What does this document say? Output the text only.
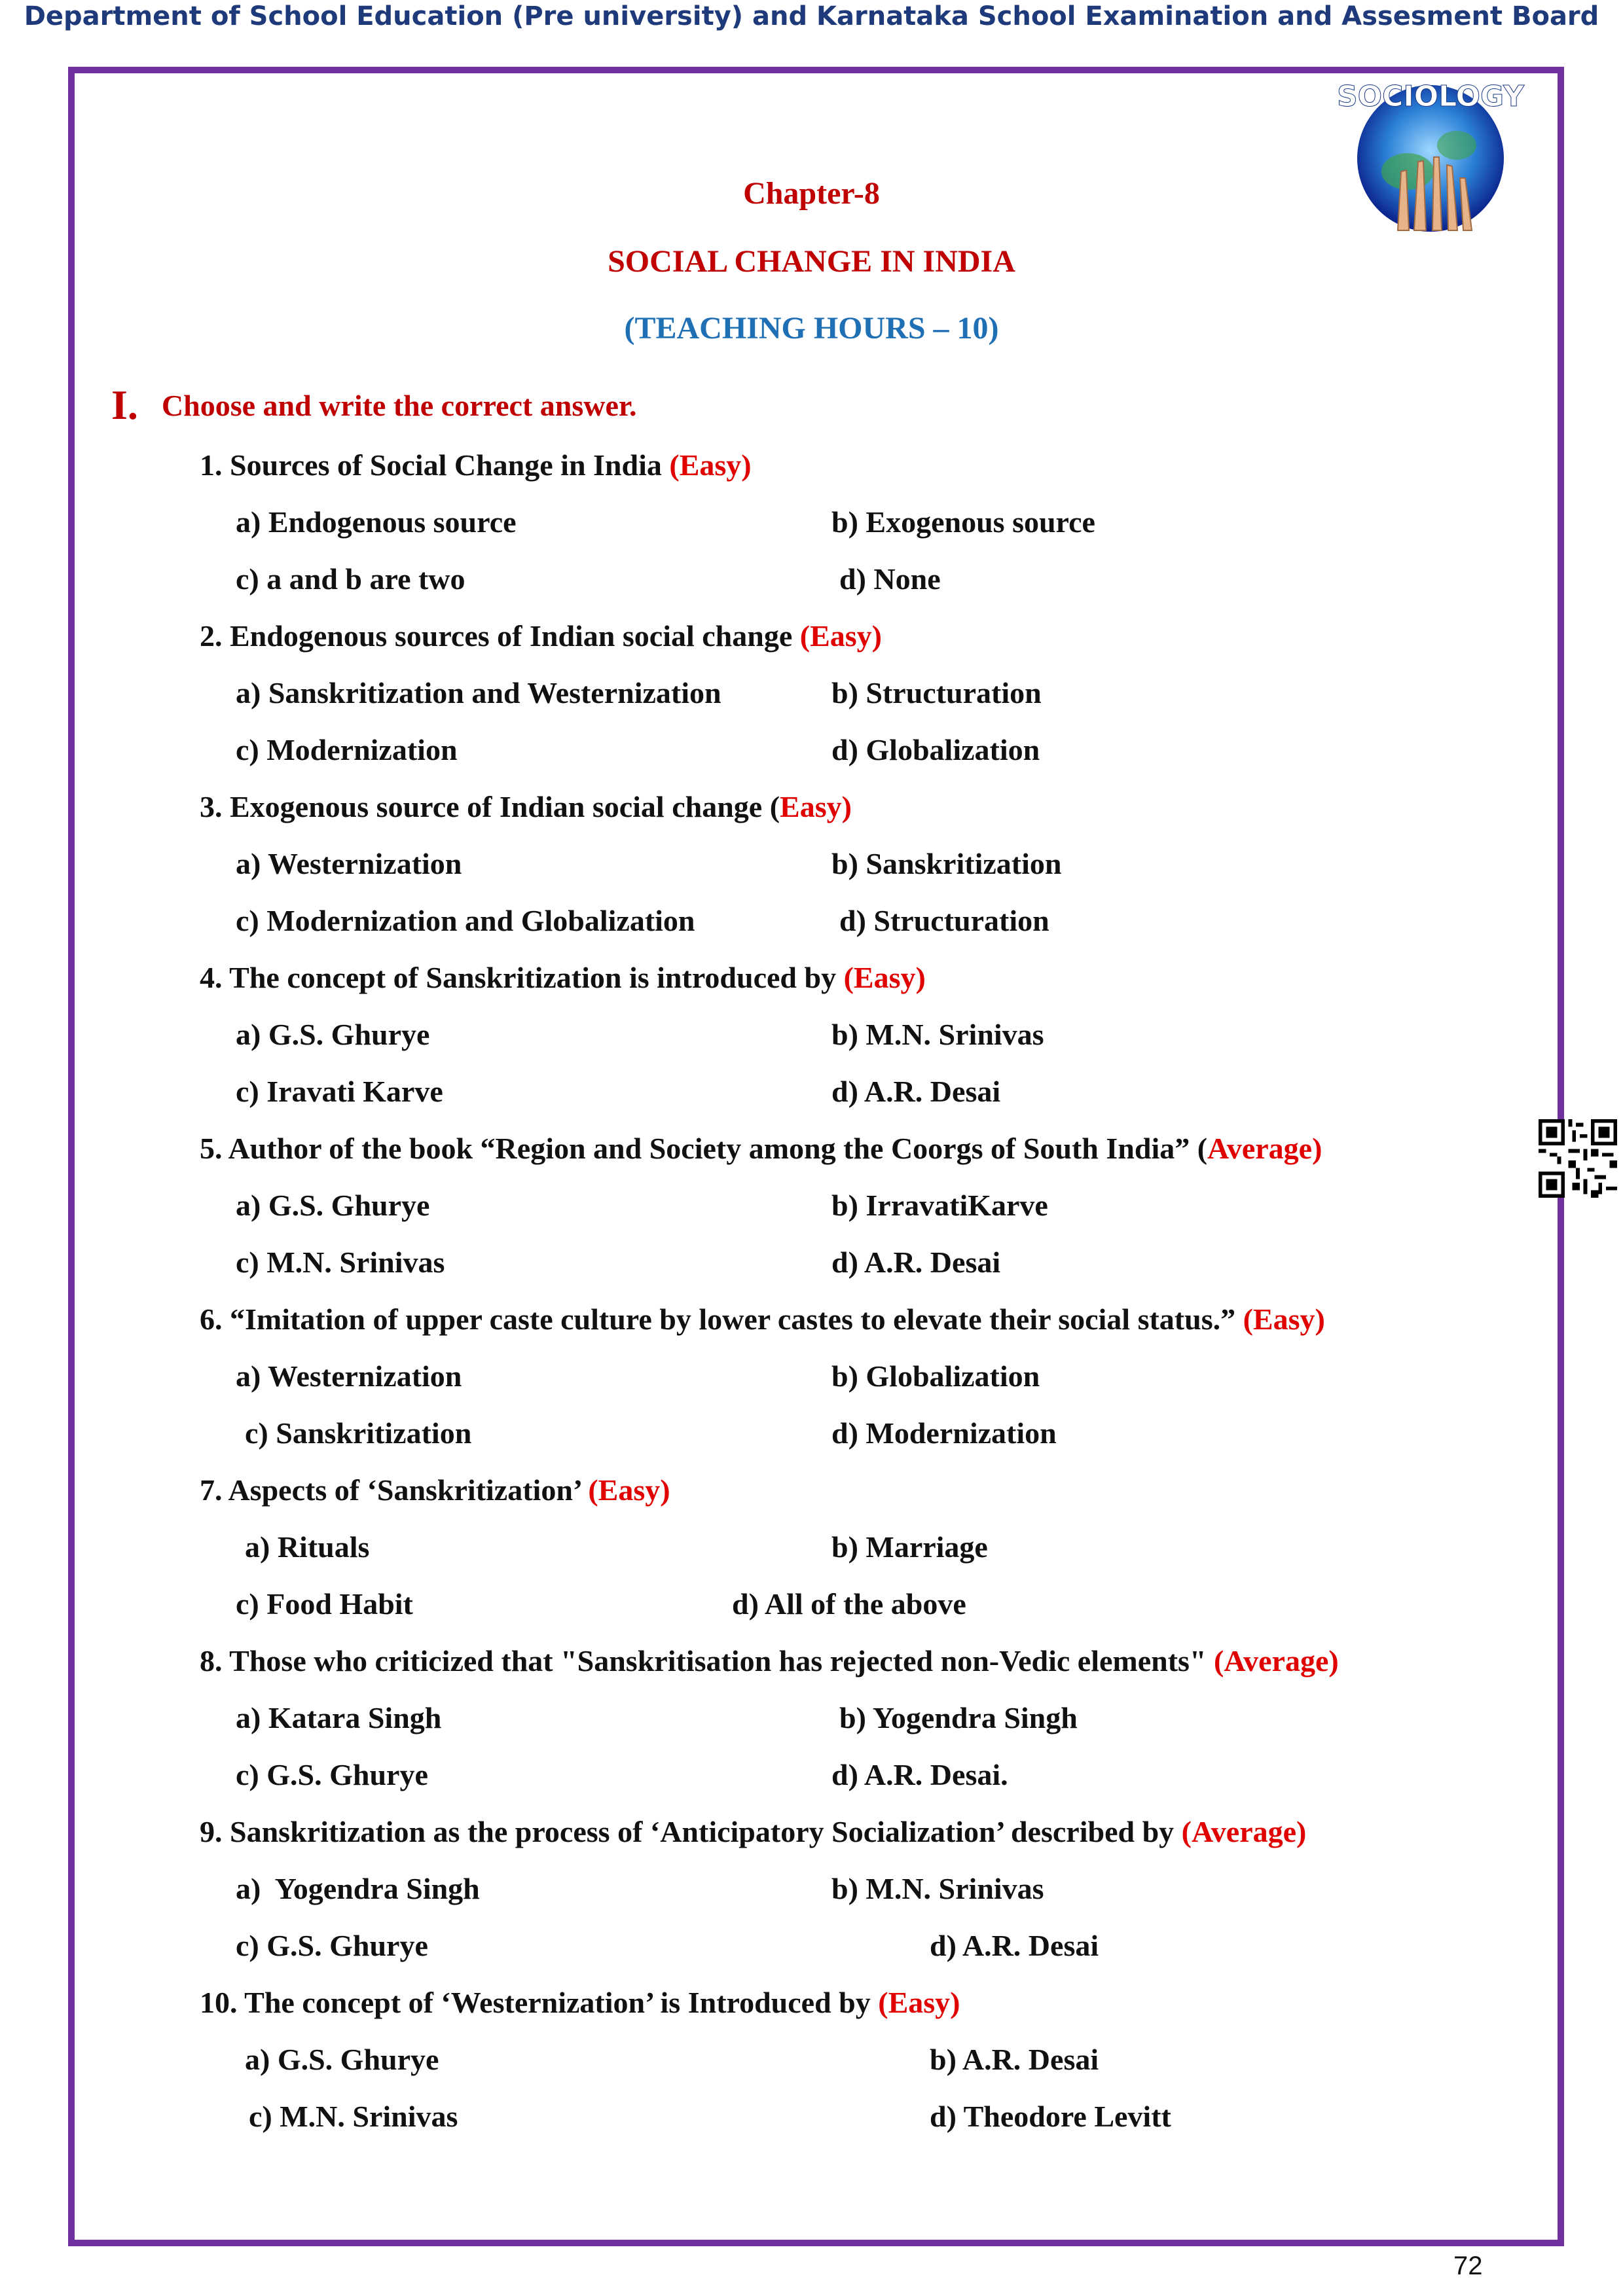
Department of School Education (Pre university) and Karnataka School Examination and Assesment Board
SOCIOLOGY
Chapter-8
SOCIAL CHANGE IN INDIA
(TEACHING HOURS – 10)
I. Choose and write the correct answer.
1. Sources of Social Change in India (Easy)
a) Endogenous source	b) Exogenous source
c) a and b are two	d) None
2. Endogenous sources of Indian social change (Easy)
a) Sanskritization and Westernization	b) Structuration
c) Modernization	d) Globalization
3. Exogenous source of Indian social change (Easy)
a) Westernization	b) Sanskritization
c) Modernization and Globalization	d) Structuration
4. The concept of Sanskritization is introduced by (Easy)
a) G.S. Ghurye	b) M.N. Srinivas
c) Iravati Karve	d) A.R. Desai
5. Author of the book “Region and Society among the Coorgs of South India” (Average)
a) G.S. Ghurye	b) IrravatiKarve
c) M.N. Srinivas	d) A.R. Desai
6. “Imitation of upper caste culture by lower castes to elevate their social status.” (Easy)
a) Westernization	b) Globalization
c) Sanskritization	d) Modernization
7. Aspects of ‘Sanskritization’ (Easy)
a) Rituals	b) Marriage
c) Food Habit	d) All of the above
8. Those who criticized that "Sanskritisation has rejected non-Vedic elements" (Average)
a) Katara Singh	b) Yogendra Singh
c) G.S. Ghurye	d) A.R. Desai.
9. Sanskritization as the process of ‘Anticipatory Socialization’ described by (Average)
a)  Yogendra Singh	b) M.N. Srinivas
c) G.S. Ghurye	d) A.R. Desai
10. The concept of ‘Westernization’ is Introduced by (Easy)
a) G.S. Ghurye	b) A.R. Desai
c) M.N. Srinivas	d) Theodore Levitt
72
